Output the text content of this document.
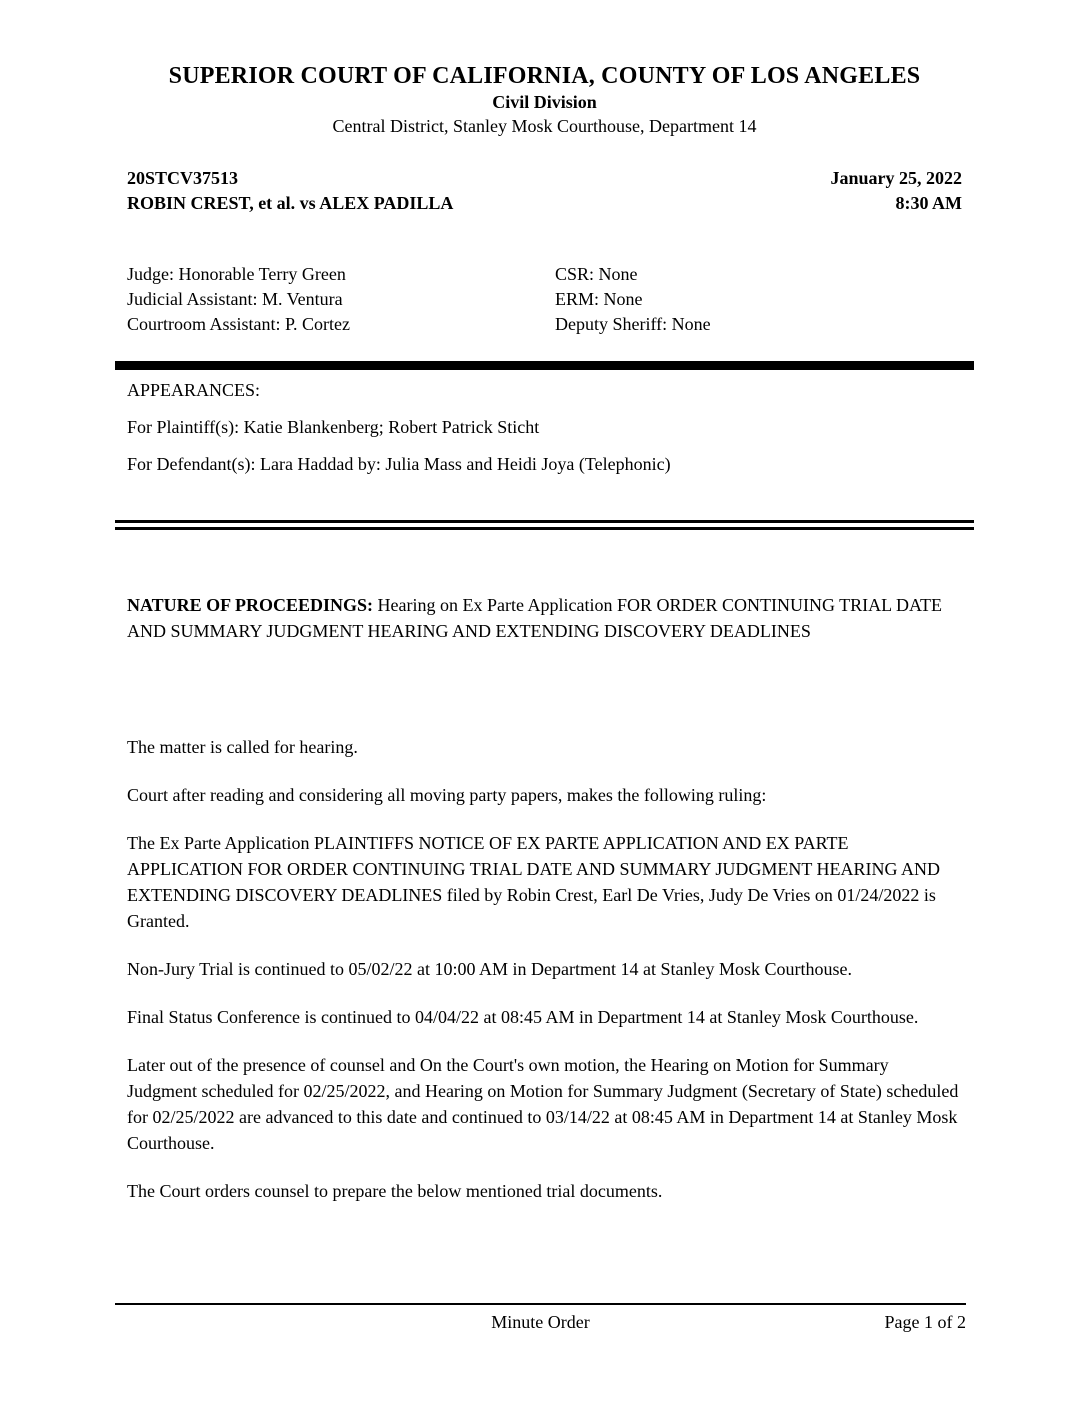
SUPERIOR COURT OF CALIFORNIA, COUNTY OF LOS ANGELES
Civil Division
Central District, Stanley Mosk Courthouse, Department 14
20STCV37513
ROBIN CREST, et al. vs ALEX PADILLA
January 25, 2022
8:30 AM
Judge: Honorable Terry Green
Judicial Assistant: M. Ventura
Courtroom Assistant: P. Cortez
CSR: None
ERM: None
Deputy Sheriff: None
APPEARANCES:
For Plaintiff(s): Katie Blankenberg; Robert Patrick Sticht
For Defendant(s): Lara Haddad by: Julia Mass and Heidi Joya (Telephonic)
NATURE OF PROCEEDINGS: Hearing on Ex Parte Application FOR ORDER CONTINUING TRIAL DATE AND SUMMARY JUDGMENT HEARING AND EXTENDING DISCOVERY DEADLINES

The matter is called for hearing.

Court after reading and considering all moving party papers, makes the following ruling:

The Ex Parte Application PLAINTIFFS NOTICE OF EX PARTE APPLICATION AND EX PARTE APPLICATION FOR ORDER CONTINUING TRIAL DATE AND SUMMARY JUDGMENT HEARING AND EXTENDING DISCOVERY DEADLINES filed by Robin Crest, Earl De Vries, Judy De Vries on 01/24/2022 is Granted.

Non-Jury Trial is continued to 05/02/22 at 10:00 AM in Department 14 at Stanley Mosk Courthouse.

Final Status Conference is continued to 04/04/22 at 08:45 AM in Department 14 at Stanley Mosk Courthouse.

Later out of the presence of counsel and On the Court's own motion, the Hearing on Motion for Summary Judgment scheduled for 02/25/2022, and Hearing on Motion for Summary Judgment (Secretary of State) scheduled for 02/25/2022 are advanced to this date and continued to 03/14/22 at 08:45 AM in Department 14 at Stanley Mosk Courthouse.

The Court orders counsel to prepare the below mentioned trial documents.

Minute Order	Page 1 of 2
